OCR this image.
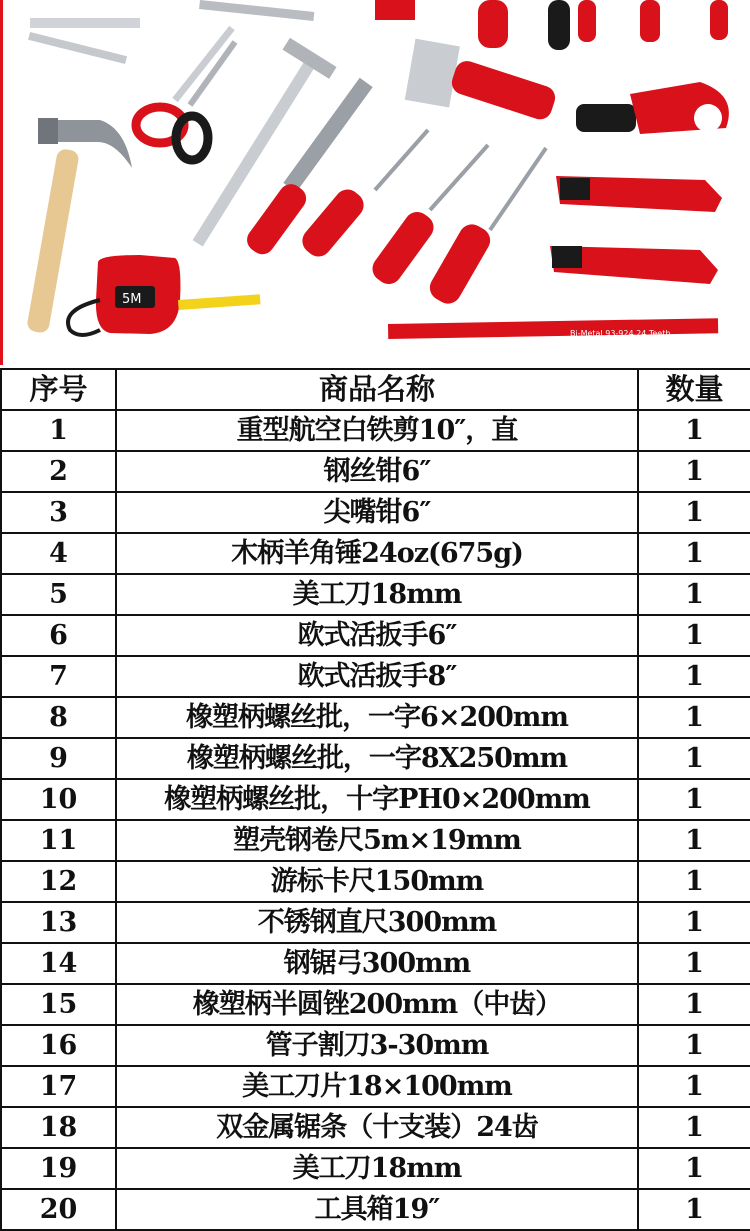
5M
Bi-Metal 93-924 24 Teeth
序号	商品名称	数量
1	重型航空白铁剪10″，直	1
2	钢丝钳6″	1
3	尖嘴钳6″	1
4	木柄羊角锤24oz(675g)	1
5	美工刀18mm	1
6	欧式活扳手6″	1
7	欧式活扳手8″	1
8	橡塑柄螺丝批，一字6×200mm	1
9	橡塑柄螺丝批，一字8X250mm	1
10	橡塑柄螺丝批，十字PH0×200mm	1
11	塑壳钢卷尺5m×19mm	1
12	游标卡尺150mm	1
13	不锈钢直尺300mm	1
14	钢锯弓300mm	1
15	橡塑柄半圆锉200mm（中齿）	1
16	管子割刀3-30mm	1
17	美工刀片18×100mm	1
18	双金属锯条（十支装）24齿	1
19	美工刀18mm	1
20	工具箱19″	1
